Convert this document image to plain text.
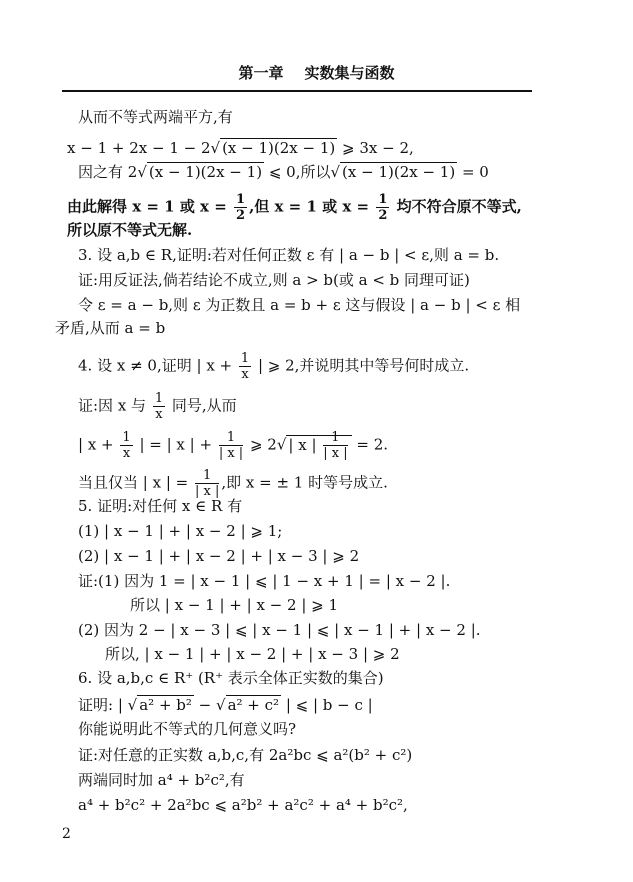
第一章 实数集与函数
从而不等式两端平方,有
x − 1 + 2x − 1 − 2√ (x − 1)(2x − 1) ⩾ 3x − 2,
因之有 2√ (x − 1)(2x − 1) ⩽ 0,所以√ (x − 1)(2x − 1) = 0
由此解得 x = 1 或 $x = \frac{1}{2}$ ,但 x = 1 或 $x = \frac{1}{2}$ 均不符合原不等式,
所以原不等式无解.
3. 设 a,b ∈ R,证明:若对任何正数 ε 有 | a − b | < ε,则 a = b.
证:用反证法,倘若结论不成立,则 a > b(或 a < b 同理可证)
令 ε = a − b,则 ε 为正数且 a = b + ε 这与假设 | a − b | < ε 相
矛盾,从而 a = b
4. 设 x ≠ 0,证明 | $x + \frac{1}{x}$ | ⩾ 2,并说明其中等号何时成立.
证:因 x 与 $\frac{1}{x}$ 同号,从而
| $x + \frac{1}{x}$ | = | x | + $\frac{1}{| x |}$ ⩾ 2√ | x | $\frac{1}{| x |} = 2$.
当且仅当 | x | = $\frac{1}{| x |}$ ,即 x = ± 1 时等号成立.
5. 证明:对任何 x ∈ R 有
(1) | x − 1 | + | x − 2 | ⩾ 1;
(2) | x − 1 | + | x − 2 | + | x − 3 | ⩾ 2
证:(1) 因为 1 = | x − 1 | ⩽ | 1 − x + 1 | = | x − 2 |.
所以 | x − 1 | + | x − 2 | ⩾ 1
(2) 因为 2 − | x − 3 | ⩽ | x − 1 | ⩽ | x − 1 | + | x − 2 |.
所以, | x − 1 | + | x − 2 | + | x − 3 | ⩾ 2
6. 设 a,b,c ∈ R⁺ (R⁺ 表示全体正实数的集合)
证明: | √ a² + b² − √ a² + c² | ⩽ | b − c |
你能说明此不等式的几何意义吗?
证:对任意的正实数 a,b,c,有 2a²bc ⩽ a²(b² + c²)
两端同时加 a⁴ + b²c²,有
a⁴ + b²c² + 2a²bc ⩽ a²b² + a²c² + a⁴ + b²c²,
2
